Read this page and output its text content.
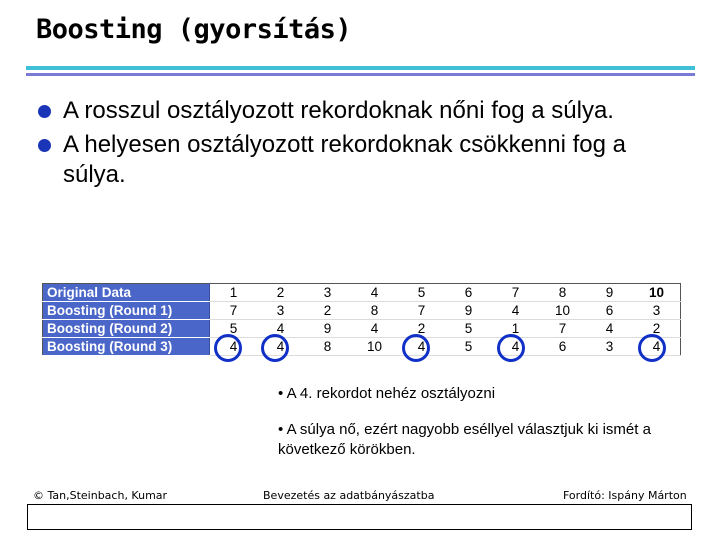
Boosting (gyorsítás)
A rosszul osztályozott rekordoknak nőni fog a súlya.
A helyesen osztályozott rekordoknak csökkenni fog a súlya.
Original Data	1	2	3	4	5	6	7	8	9	10
Boosting (Round 1)	7	3	2	8	7	9	4	10	6	3
Boosting (Round 2)	5	4	9	4	2	5	1	7	4	2
Boosting (Round 3)	4	4	8	10	4	5	4	6	3	4
• A 4. rekordot nehéz osztályozni
• A súlya nő, ezért nagyobb eséllyel választjuk ki ismét a következő körökben.
© Tan,Steinbach, Kumar	Bevezetés az adatbányászatba	Fordító: Ispány Márton
